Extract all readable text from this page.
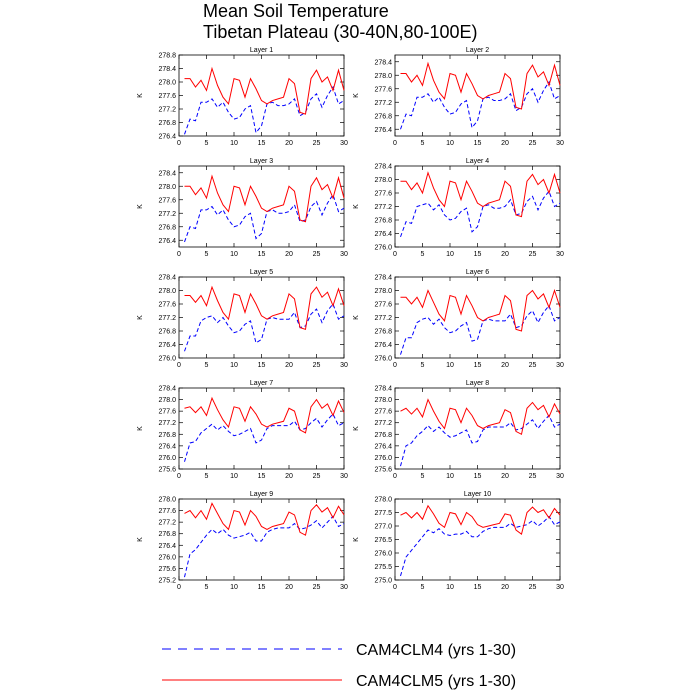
Mean Soil Temperature
Tibetan Plateau (30-40N,80-100E)
Layer 1
276.4
276.8
277.2
277.6
278.0
278.4
278.8
0	5	10	15	20	25	30
K
Layer 2
276.4
276.8
277.2
277.6
278.0
278.4
0	5	10	15	20	25	30
K
Layer 3
276.4
276.8
277.2
277.6
278.0
278.4
0	5	10	15	20	25	30
K
Layer 4
276.0
276.4
276.8
277.2
277.6
278.0
278.4
0	5	10	15	20	25	30
K
Layer 5
276.0
276.4
276.8
277.2
277.6
278.0
278.4
0	5	10	15	20	25	30
K
Layer 6
276.0
276.4
276.8
277.2
277.6
278.0
278.4
0	5	10	15	20	25	30
K
Layer 7
275.6
276.0
276.4
276.8
277.2
277.6
278.0
278.4
0	5	10	15	20	25	30
K
Layer 8
275.6
276.0
276.4
276.8
277.2
277.6
278.0
278.4
0	5	10	15	20	25	30
K
Layer 9
275.2
275.6
276.0
276.4
276.8
277.2
277.6
278.0
0	5	10	15	20	25	30
K
Layer 10
275.0
275.5
276.0
276.5
277.0
277.5
278.0
0	5	10	15	20	25	30
K
CAM4CLM4 (yrs 1-30)
CAM4CLM5 (yrs 1-30)
